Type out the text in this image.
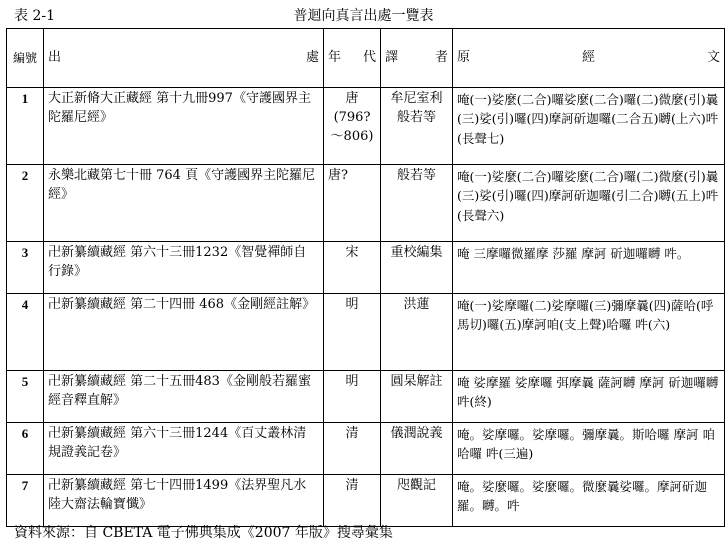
表 2-1	普迴向真言出處一覽表
編號	出處	年代	譯者	原經文
1	大正新脩大正藏經 第十九冊997《守護國界主陀羅尼經》	唐(796?～806)	牟尼室利般若等	唵(一)娑麼(二合)囉娑麼(二合)囉(二)微麼(引)曩(三)娑(引)囉(四)摩訶斫迦囉(二合五)嚩(上六)吽(長聲七)
2	永樂北藏第七十冊 764 頁《守護國界主陀羅尼經》	唐?	般若等	唵(一)娑麼(二合)囉娑麼(二合)囉(二)微麼(引)曩(三)娑(引)囉(四)摩訶斫迦囉(引二合)嚩(五上)吽(長聲六)
3	卍新纂續藏經 第六十三冊1232《智覺禪師自行錄》	宋	重校編集	唵 三摩囉微羅摩 莎羅 摩訶 斫迦囉嚩 吽。
4	卍新纂續藏經 第二十四冊 468《金剛經註解》	明	洪蓮	唵(一)娑摩囉(二)娑摩囉(三)彌摩曩(四)薩哈(呼馬切)囉(五)摩訶咱(支上聲)哈囉 吽(六)
5	卍新纂續藏經 第二十五冊483《金剛般若羅蜜經音釋直解》	明	圓杲解註	唵 娑摩羅 娑摩囉 弭摩曩 薩訶嚩 摩訶 斫迦囉嚩 吽(終)
6	卍新纂續藏經 第六十三冊1244《百丈叢林清規證義記卷》	清	儀潤說義	唵。娑摩囉。娑摩囉。彌摩曩。斯哈囉 摩訶 咱哈囉 吽(三遍)
7	卍新纂續藏經 第七十四冊1499《法界聖凡水陸大齋法輪寶懺》	清	咫觀記	唵。娑麼囉。娑麼囉。微麼曩娑囉。摩訶斫迦羅。嚩。吽
資料來源：自 CBETA 電子佛典集成《2007 年版》搜尋彙集
